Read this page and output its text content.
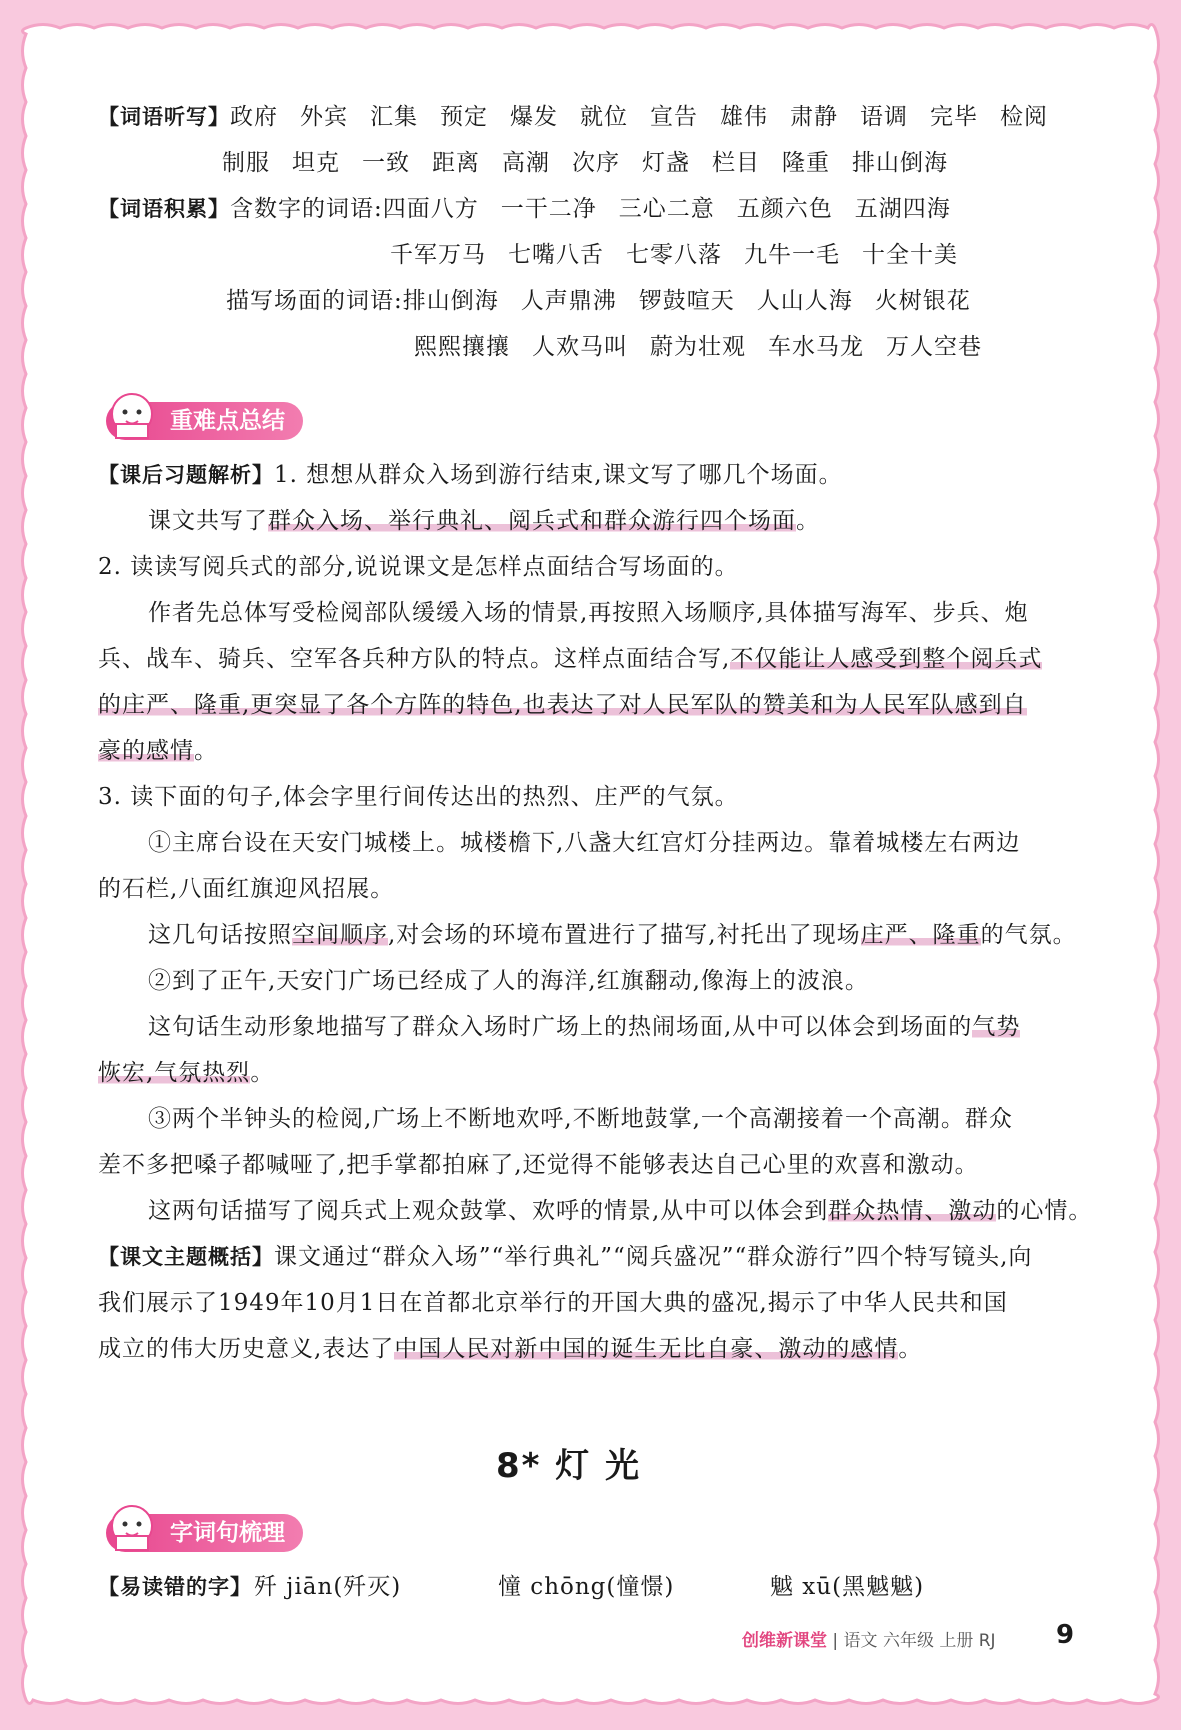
【词语听写】政府 外宾 汇集 预定 爆发 就位 宣告 雄伟 肃静 语调 完毕 检阅
制服 坦克 一致 距离 高潮 次序 灯盏 栏目 隆重 排山倒海
【词语积累】含数字的词语:四面八方 一干二净 三心二意 五颜六色 五湖四海
千军万马 七嘴八舌 七零八落 九牛一毛 十全十美
描写场面的词语:排山倒海 人声鼎沸 锣鼓喧天 人山人海 火树银花
熙熙攘攘 人欢马叫 蔚为壮观 车水马龙 万人空巷
重难点总结
【课后习题解析】1. 想想从群众入场到游行结束,课文写了哪几个场面。
课文共写了群众入场、举行典礼、阅兵式和群众游行四个场面。
2. 读读写阅兵式的部分,说说课文是怎样点面结合写场面的。
作者先总体写受检阅部队缓缓入场的情景,再按照入场顺序,具体描写海军、步兵、炮
兵、战车、骑兵、空军各兵种方队的特点。这样点面结合写,不仅能让人感受到整个阅兵式
的庄严、隆重,更突显了各个方阵的特色,也表达了对人民军队的赞美和为人民军队感到自
豪的感情。
3. 读下面的句子,体会字里行间传达出的热烈、庄严的气氛。
①主席台设在天安门城楼上。城楼檐下,八盏大红宫灯分挂两边。靠着城楼左右两边
的石栏,八面红旗迎风招展。
这几句话按照空间顺序,对会场的环境布置进行了描写,衬托出了现场庄严、隆重的气氛。
②到了正午,天安门广场已经成了人的海洋,红旗翻动,像海上的波浪。
这句话生动形象地描写了群众入场时广场上的热闹场面,从中可以体会到场面的气势
恢宏,气氛热烈。
③两个半钟头的检阅,广场上不断地欢呼,不断地鼓掌,一个高潮接着一个高潮。群众
差不多把嗓子都喊哑了,把手掌都拍麻了,还觉得不能够表达自己心里的欢喜和激动。
这两句话描写了阅兵式上观众鼓掌、欢呼的情景,从中可以体会到群众热情、激动的心情。
【课文主题概括】课文通过“群众入场”“举行典礼”“阅兵盛况”“群众游行”四个特写镜头,向
我们展示了1949年10月1日在首都北京举行的开国大典的盛况,揭示了中华人民共和国
成立的伟大历史意义,表达了中国人民对新中国的诞生无比自豪、激动的感情。
8* 灯 光
字词句梳理
【易读错的字】 歼 jiān(歼灭)	憧 chōng(憧憬)	魆 xū(黑魆魆)
创维新课堂 | 语文 六年级 上册 RJ 9
